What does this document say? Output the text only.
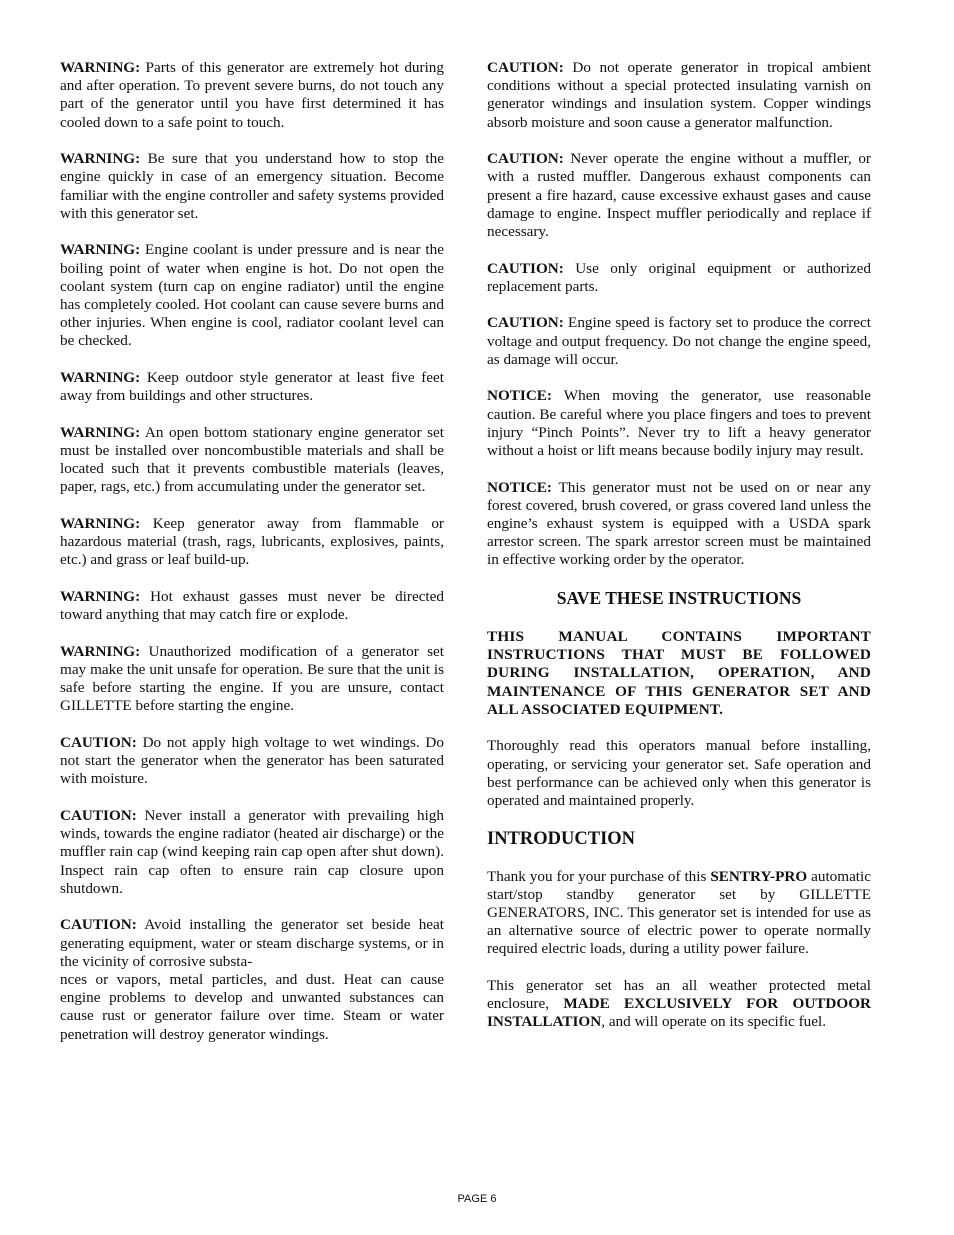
WARNING: Parts of this generator are extremely hot during and after operation. To prevent severe burns, do not touch any part of the generator until you have first determined it has cooled down to a safe point to touch.

WARNING: Be sure that you understand how to stop the engine quickly in case of an emergency situation. Become familiar with the engine controller and safety systems provided with this generator set.

WARNING: Engine coolant is under pressure and is near the boiling point of water when engine is hot. Do not open the coolant system (turn cap on engine radiator) until the engine has completely cooled. Hot coolant can cause severe burns and other injuries. When engine is cool, radiator coolant level can be checked.

WARNING: Keep outdoor style generator at least five feet away from buildings and other structures.

WARNING: An open bottom stationary engine generator set must be installed over noncombustible materials and shall be located such that it prevents combustible materials (leaves, paper, rags, etc.) from accumulating under the generator set.

WARNING: Keep generator away from flammable or hazardous material (trash, rags, lubricants, explosives, paints, etc.) and grass or leaf build-up.

WARNING: Hot exhaust gasses must never be directed toward anything that may catch fire or explode.

WARNING: Unauthorized modification of a generator set may make the unit unsafe for operation. Be sure that the unit is safe before starting the engine. If you are unsure, contact GILLETTE before starting the engine.

CAUTION: Do not apply high voltage to wet windings. Do not start the generator when the generator has been saturated with moisture.

CAUTION: Never install a generator with prevailing high winds, towards the engine radiator (heated air discharge) or the muffler rain cap (wind keeping rain cap open after shut down). Inspect rain cap often to ensure rain cap closure upon shutdown.

CAUTION: Avoid installing the generator set beside heat generating equipment, water or steam discharge systems, or in the vicinity of corrosive substa-

nces or vapors, metal particles, and dust. Heat can cause engine problems to develop and unwanted substances can cause rust or generator failure over time. Steam or water penetration will destroy generator windings.

CAUTION: Do not operate generator in tropical ambient conditions without a special protected insulating varnish on generator windings and insulation system. Copper windings absorb moisture and soon cause a generator malfunction.

CAUTION: Never operate the engine without a muffler, or with a rusted muffler. Dangerous exhaust components can present a fire hazard, cause excessive exhaust gases and cause damage to engine. Inspect muffler periodically and replace if necessary.

CAUTION: Use only original equipment or authorized replacement parts.

CAUTION: Engine speed is factory set to produce the correct voltage and output frequency. Do not change the engine speed, as damage will occur.

NOTICE: When moving the generator, use reasonable caution. Be careful where you place fingers and toes to prevent injury “Pinch Points”. Never try to lift a heavy generator without a hoist or lift means because bodily injury may result.

NOTICE: This generator must not be used on or near any forest covered, brush covered, or grass covered land unless the engine’s exhaust system is equipped with a USDA spark arrestor screen. The spark arrestor screen must be maintained in effective working order by the operator.

SAVE THESE INSTRUCTIONS

THIS MANUAL CONTAINS IMPORTANT INSTRUCTIONS THAT MUST BE FOLLOWED DURING INSTALLATION, OPERATION, AND MAINTENANCE OF THIS GENERATOR SET AND ALL ASSOCIATED EQUIPMENT.

Thoroughly read this operators manual before installing, operating, or servicing your generator set. Safe operation and best performance can be achieved only when this generator is operated and maintained properly.

INTRODUCTION

Thank you for your purchase of this SENTRY-PRO automatic start/stop standby generator set by GILLETTE GENERATORS, INC. This generator set is intended for use as an alternative source of electric power to operate normally required electric loads, during a utility power failure.

This generator set has an all weather protected metal enclosure, MADE EXCLUSIVELY FOR OUTDOOR INSTALLATION, and will operate on its specific fuel.

PAGE 6
